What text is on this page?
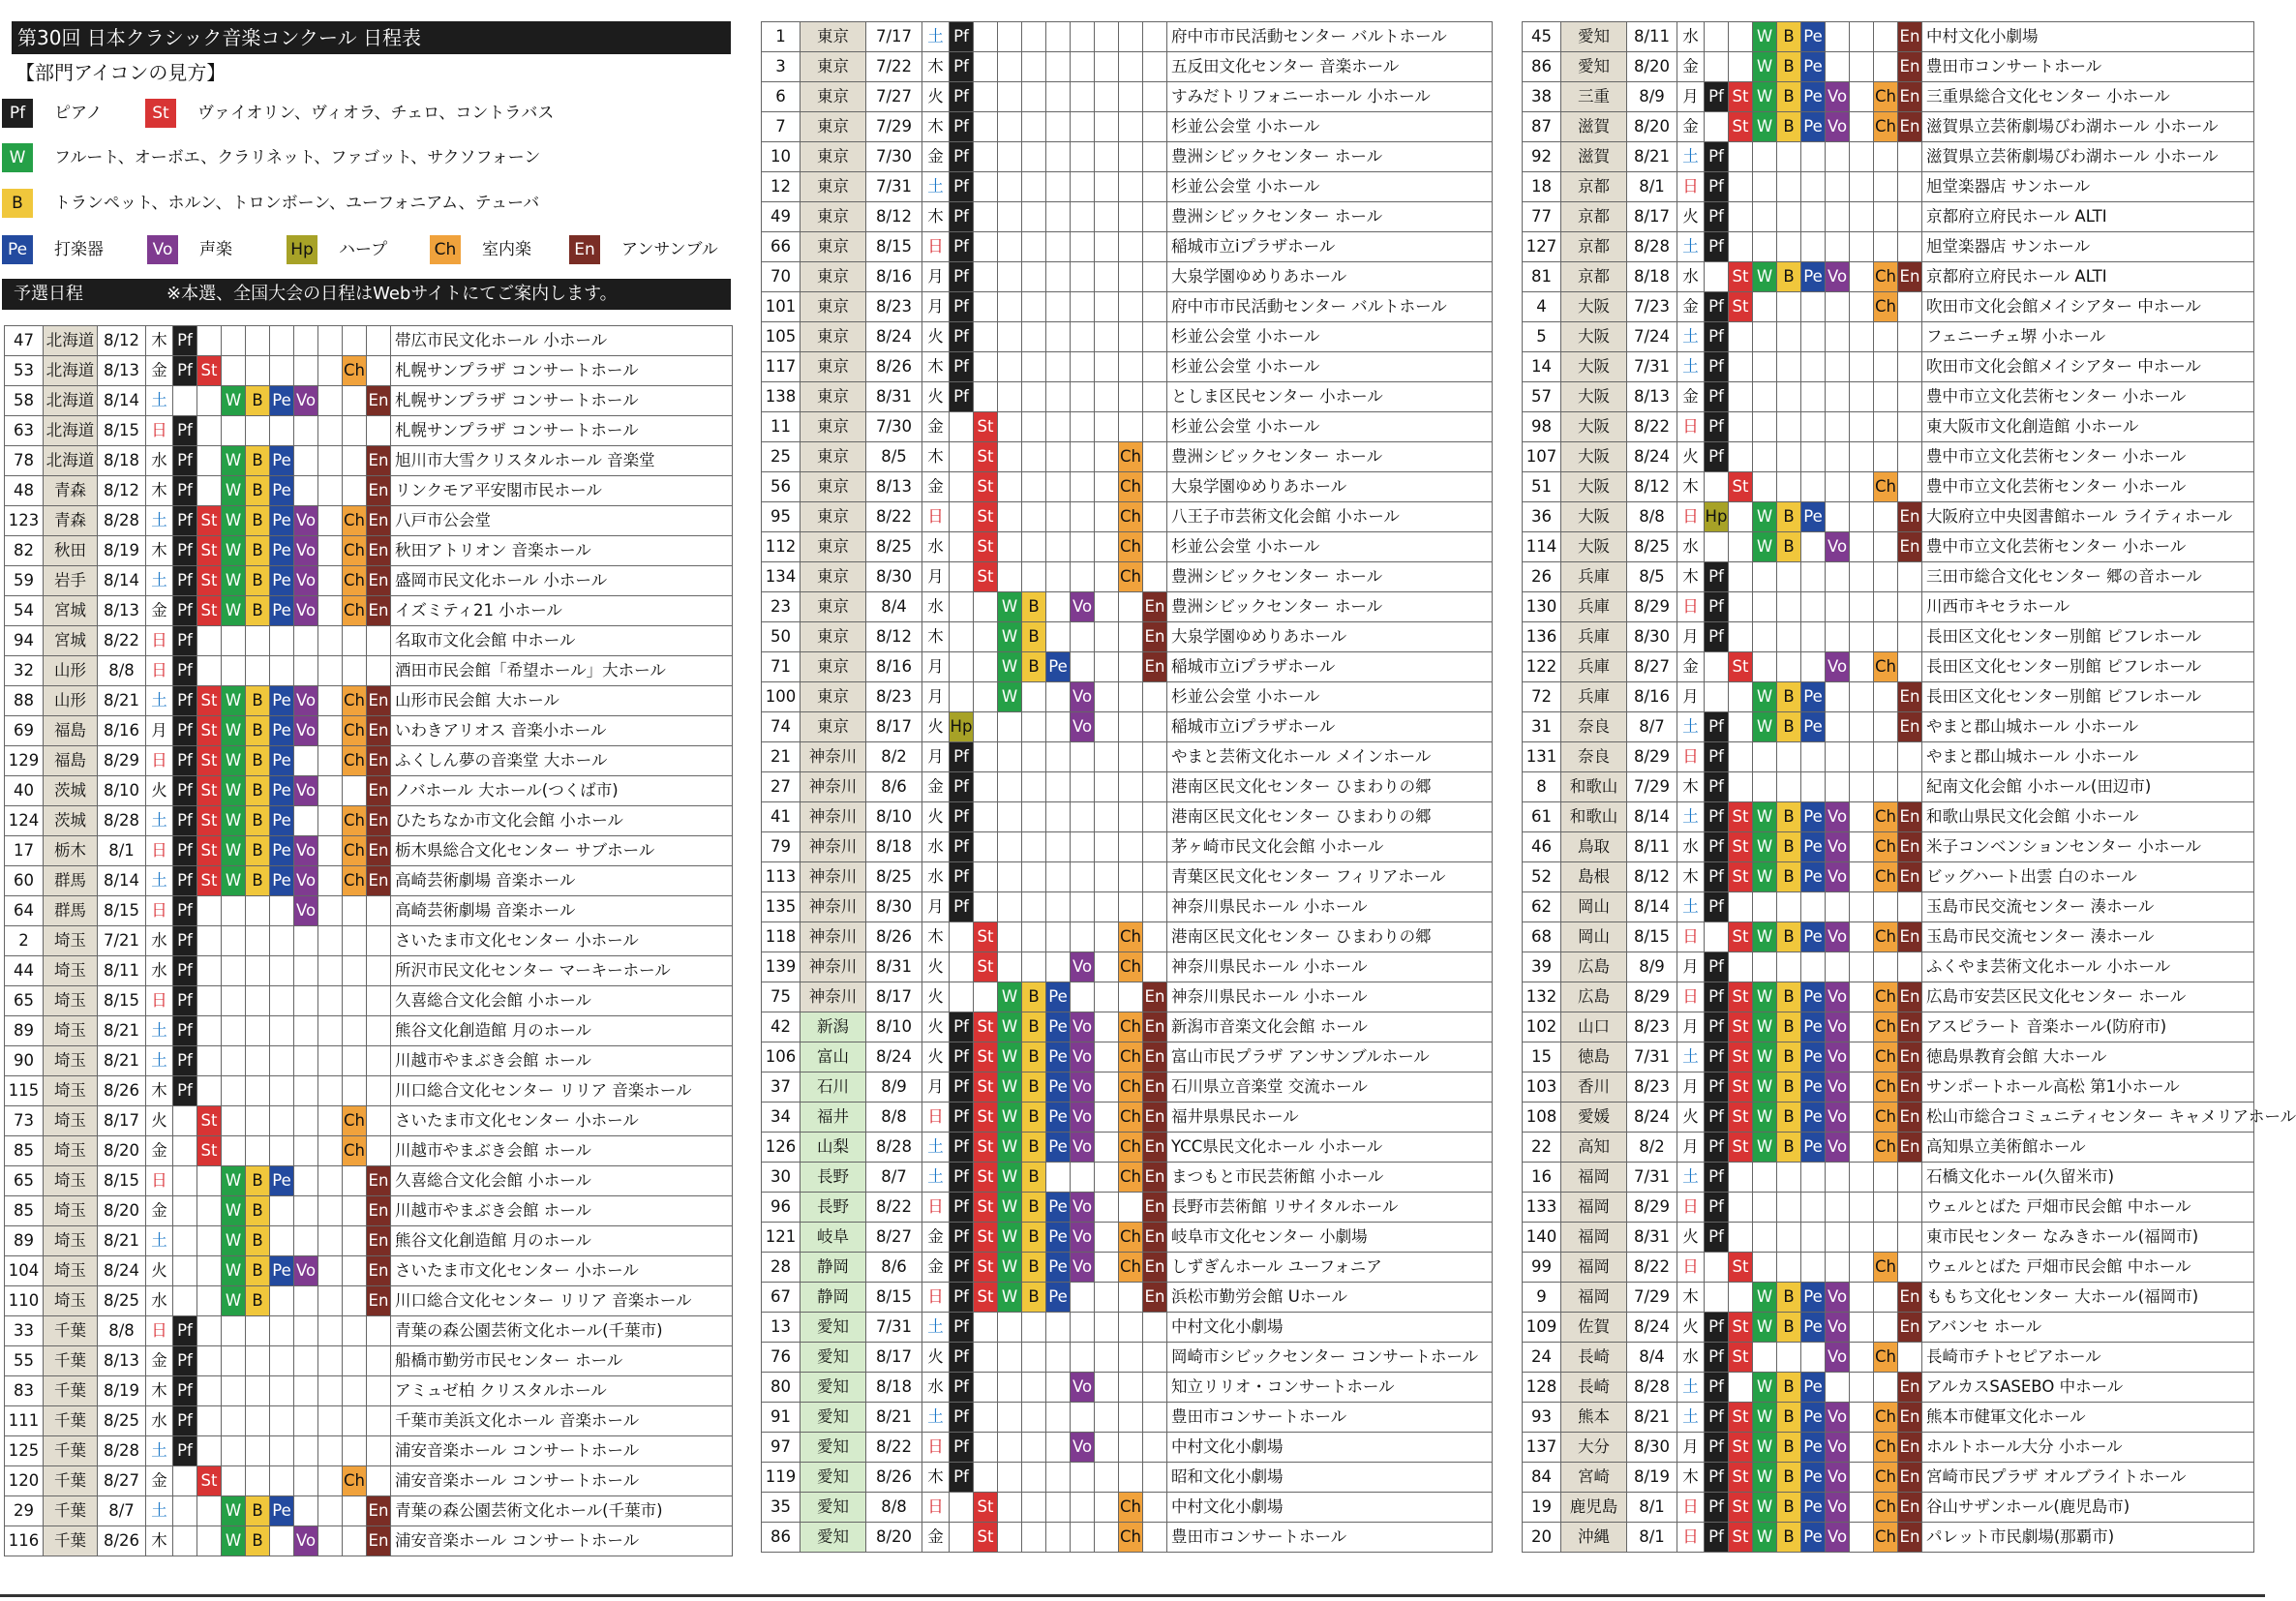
第30回 日本クラシック音楽コンクール 日程表
【部門アイコンの見方】
Pf	ピアノ	St	ヴァイオリン、ヴィオラ、チェロ、コントラバス
W	フルート、オーボエ、クラリネット、ファゴット、サクソフォーン
B	トランペット、ホルン、トロンボーン、ユーフォニアム、テューバ
Pe	打楽器	Vo	声楽	Hp ハープ	Ch 室内楽	En	アンサンブル
予選日程	※本選、全国大会の日程はWebサイトにてご案内します。
47	北海道	8/12	木	Pf									帯広市民文化ホール 小ホール
53	北海道	8/13	金	Pf	St						Ch		札幌サンプラザ コンサートホール
58	北海道	8/14	土			W	B	Pe	Vo			En	札幌サンプラザ コンサートホール
63	北海道	8/15	日	Pf									札幌サンプラザ コンサートホール
78	北海道	8/18	水	Pf		W	B	Pe				En	旭川市大雪クリスタルホール 音楽堂
48	青森	8/12	木	Pf		W	B	Pe				En	リンクモア平安閣市民ホール
123	青森	8/28	土	Pf	St	W	B	Pe	Vo		Ch	En	八戸市公会堂
82	秋田	8/19	木	Pf	St	W	B	Pe	Vo		Ch	En	秋田アトリオン 音楽ホール
59	岩手	8/14	土	Pf	St	W	B	Pe	Vo		Ch	En	盛岡市民文化ホール 小ホール
54	宮城	8/13	金	Pf	St	W	B	Pe	Vo		Ch	En	イズミティ21 小ホール
94	宮城	8/22	日	Pf									名取市文化会館 中ホール
32	山形	8/8	日	Pf									酒田市民会館「希望ホール」大ホール
88	山形	8/21	土	Pf	St	W	B	Pe	Vo		Ch	En	山形市民会館 大ホール
69	福島	8/16	月	Pf	St	W	B	Pe	Vo		Ch	En	いわきアリオス 音楽小ホール
129	福島	8/29	日	Pf	St	W	B	Pe			Ch	En	ふくしん夢の音楽堂 大ホール
40	茨城	8/10	火	Pf	St	W	B	Pe	Vo			En	ノバホール 大ホール(つくば市)
124	茨城	8/28	土	Pf	St	W	B	Pe			Ch	En	ひたちなか市文化会館 小ホール
17	栃木	8/1	日	Pf	St	W	B	Pe	Vo		Ch	En	栃木県総合文化センター サブホール
60	群馬	8/14	土	Pf	St	W	B	Pe	Vo		Ch	En	高崎芸術劇場 音楽ホール
64	群馬	8/15	日	Pf					Vo				高崎芸術劇場 音楽ホール
2	埼玉	7/21	水	Pf									さいたま市文化センター 小ホール
44	埼玉	8/11	水	Pf									所沢市民文化センター マーキーホール
65	埼玉	8/15	日	Pf									久喜総合文化会館 小ホール
89	埼玉	8/21	土	Pf									熊谷文化創造館 月のホール
90	埼玉	8/21	土	Pf									川越市やまぶき会館 ホール
115	埼玉	8/26	木	Pf									川口総合文化センター リリア 音楽ホール
73	埼玉	8/17	火		St						Ch		さいたま市文化センター 小ホール
85	埼玉	8/20	金		St						Ch		川越市やまぶき会館 ホール
65	埼玉	8/15	日			W	B	Pe				En	久喜総合文化会館 小ホール
85	埼玉	8/20	金			W	B					En	川越市やまぶき会館 ホール
89	埼玉	8/21	土			W	B					En	熊谷文化創造館 月のホール
104	埼玉	8/24	火			W	B	Pe	Vo			En	さいたま市文化センター 小ホール
110	埼玉	8/25	水			W	B					En	川口総合文化センター リリア 音楽ホール
33	千葉	8/8	日	Pf									青葉の森公園芸術文化ホール(千葉市)
55	千葉	8/13	金	Pf									船橋市勤労市民センター ホール
83	千葉	8/19	木	Pf									アミュゼ柏 クリスタルホール
111	千葉	8/25	水	Pf									千葉市美浜文化ホール 音楽ホール
125	千葉	8/28	土	Pf									浦安音楽ホール コンサートホール
120	千葉	8/27	金		St						Ch		浦安音楽ホール コンサートホール
29	千葉	8/7	土			W	B	Pe				En	青葉の森公園芸術文化ホール(千葉市)
116	千葉	8/26	木			W	B		Vo			En	浦安音楽ホール コンサートホール
1	東京	7/17	土	Pf									府中市市民活動センター バルトホール
3	東京	7/22	木	Pf									五反田文化センター 音楽ホール
6	東京	7/27	火	Pf									すみだトリフォニーホール 小ホール
7	東京	7/29	木	Pf									杉並公会堂 小ホール
10	東京	7/30	金	Pf									豊洲シビックセンター ホール
12	東京	7/31	土	Pf									杉並公会堂 小ホール
49	東京	8/12	木	Pf									豊洲シビックセンター ホール
66	東京	8/15	日	Pf									稲城市立iプラザホール
70	東京	8/16	月	Pf									大泉学園ゆめりあホール
101	東京	8/23	月	Pf									府中市市民活動センター バルトホール
105	東京	8/24	火	Pf									杉並公会堂 小ホール
117	東京	8/26	木	Pf									杉並公会堂 小ホール
138	東京	8/31	火	Pf									としま区民センター 小ホール
11	東京	7/30	金		St								杉並公会堂 小ホール
25	東京	8/5	木		St						Ch		豊洲シビックセンター ホール
56	東京	8/13	金		St						Ch		大泉学園ゆめりあホール
95	東京	8/22	日		St						Ch		八王子市芸術文化会館 小ホール
112	東京	8/25	水		St						Ch		杉並公会堂 小ホール
134	東京	8/30	月		St						Ch		豊洲シビックセンター ホール
23	東京	8/4	水			W	B		Vo			En	豊洲シビックセンター ホール
50	東京	8/12	木			W	B					En	大泉学園ゆめりあホール
71	東京	8/16	月			W	B	Pe				En	稲城市立iプラザホール
100	東京	8/23	月			W			Vo				杉並公会堂 小ホール
74	東京	8/17	火	Hp					Vo				稲城市立iプラザホール
21	神奈川	8/2	月	Pf									やまと芸術文化ホール メインホール
27	神奈川	8/6	金	Pf									港南区民文化センター ひまわりの郷
41	神奈川	8/10	火	Pf									港南区民文化センター ひまわりの郷
79	神奈川	8/18	水	Pf									茅ヶ崎市民文化会館 小ホール
113	神奈川	8/25	水	Pf									青葉区民文化センター フィリアホール
135	神奈川	8/30	月	Pf									神奈川県民ホール 小ホール
118	神奈川	8/26	木		St						Ch		港南区民文化センター ひまわりの郷
139	神奈川	8/31	火		St				Vo		Ch		神奈川県民ホール 小ホール
75	神奈川	8/17	火			W	B	Pe				En	神奈川県民ホール 小ホール
42	新潟	8/10	火	Pf	St	W	B	Pe	Vo		Ch	En	新潟市音楽文化会館 ホール
106	富山	8/24	火	Pf	St	W	B	Pe	Vo		Ch	En	富山市民プラザ アンサンブルホール
37	石川	8/9	月	Pf	St	W	B	Pe	Vo		Ch	En	石川県立音楽堂 交流ホール
34	福井	8/8	日	Pf	St	W	B	Pe	Vo		Ch	En	福井県県民ホール
126	山梨	8/28	土	Pf	St	W	B	Pe	Vo		Ch	En	YCC県民文化ホール 小ホール
30	長野	8/7	土	Pf	St	W	B				Ch	En	まつもと市民芸術館 小ホール
96	長野	8/22	日	Pf	St	W	B	Pe	Vo			En	長野市芸術館 リサイタルホール
121	岐阜	8/27	金	Pf	St	W	B	Pe	Vo		Ch	En	岐阜市文化センター 小劇場
28	静岡	8/6	金	Pf	St	W	B	Pe	Vo		Ch	En	しずぎんホール ユーフォニア
67	静岡	8/15	日	Pf	St	W	B	Pe				En	浜松市勤労会館 Uホール
13	愛知	7/31	土	Pf									中村文化小劇場
76	愛知	8/17	火	Pf									岡崎市シビックセンター コンサートホール
80	愛知	8/18	水	Pf					Vo				知立リリオ・コンサートホール
91	愛知	8/21	土	Pf									豊田市コンサートホール
97	愛知	8/22	日	Pf					Vo				中村文化小劇場
119	愛知	8/26	木	Pf									昭和文化小劇場
35	愛知	8/8	日		St						Ch		中村文化小劇場
86	愛知	8/20	金		St						Ch		豊田市コンサートホール
45	愛知	8/11	水			W	B	Pe				En	中村文化小劇場
86	愛知	8/20	金			W	B	Pe				En	豊田市コンサートホール
38	三重	8/9	月	Pf	St	W	B	Pe	Vo		Ch	En	三重県総合文化センター 小ホール
87	滋賀	8/20	金		St	W	B	Pe	Vo		Ch	En	滋賀県立芸術劇場びわ湖ホール 小ホール
92	滋賀	8/21	土	Pf									滋賀県立芸術劇場びわ湖ホール 小ホール
18	京都	8/1	日	Pf									旭堂楽器店 サンホール
77	京都	8/17	火	Pf									京都府立府民ホール ALTI
127	京都	8/28	土	Pf									旭堂楽器店 サンホール
81	京都	8/18	水		St	W	B	Pe	Vo		Ch	En	京都府立府民ホール ALTI
4	大阪	7/23	金	Pf	St						Ch		吹田市文化会館メイシアター 中ホール
5	大阪	7/24	土	Pf									フェニーチェ堺 小ホール
14	大阪	7/31	土	Pf									吹田市文化会館メイシアター 中ホール
57	大阪	8/13	金	Pf									豊中市立文化芸術センター 小ホール
98	大阪	8/22	日	Pf									東大阪市文化創造館 小ホール
107	大阪	8/24	火	Pf									豊中市立文化芸術センター 小ホール
51	大阪	8/12	木		St						Ch		豊中市立文化芸術センター 小ホール
36	大阪	8/8	日	Hp		W	B	Pe				En	大阪府立中央図書館ホール ライティホール
114	大阪	8/25	水			W	B		Vo			En	豊中市立文化芸術センター 小ホール
26	兵庫	8/5	木	Pf									三田市総合文化センター 郷の音ホール
130	兵庫	8/29	日	Pf									川西市キセラホール
136	兵庫	8/30	月	Pf									長田区文化センター別館 ピフレホール
122	兵庫	8/27	金		St				Vo		Ch		長田区文化センター別館 ピフレホール
72	兵庫	8/16	月			W	B	Pe				En	長田区文化センター別館 ピフレホール
31	奈良	8/7	土	Pf		W	B	Pe				En	やまと郡山城ホール 小ホール
131	奈良	8/29	日	Pf									やまと郡山城ホール 小ホール
8	和歌山	7/29	木	Pf									紀南文化会館 小ホール(田辺市)
61	和歌山	8/14	土	Pf	St	W	B	Pe	Vo		Ch	En	和歌山県民文化会館 小ホール
46	鳥取	8/11	水	Pf	St	W	B	Pe	Vo		Ch	En	米子コンベンションセンター 小ホール
52	島根	8/12	木	Pf	St	W	B	Pe	Vo		Ch	En	ビッグハート出雲 白のホール
62	岡山	8/14	土	Pf									玉島市民交流センター 湊ホール
68	岡山	8/15	日		St	W	B	Pe	Vo		Ch	En	玉島市民交流センター 湊ホール
39	広島	8/9	月	Pf									ふくやま芸術文化ホール 小ホール
132	広島	8/29	日	Pf	St	W	B	Pe	Vo		Ch	En	広島市安芸区民文化センター ホール
102	山口	8/23	月	Pf	St	W	B	Pe	Vo		Ch	En	アスピラート 音楽ホール(防府市)
15	徳島	7/31	土	Pf	St	W	B	Pe	Vo		Ch	En	徳島県教育会館 大ホール
103	香川	8/23	月	Pf	St	W	B	Pe	Vo		Ch	En	サンポートホール高松 第1小ホール
108	愛媛	8/24	火	Pf	St	W	B	Pe	Vo		Ch	En	松山市総合コミュニティセンター キャメリアホール
22	高知	8/2	月	Pf	St	W	B	Pe	Vo		Ch	En	高知県立美術館ホール
16	福岡	7/31	土	Pf									石橋文化ホール(久留米市)
133	福岡	8/29	日	Pf									ウェルとばた 戸畑市民会館 中ホール
140	福岡	8/31	火	Pf									東市民センター なみきホール(福岡市)
99	福岡	8/22	日		St						Ch		ウェルとばた 戸畑市民会館 中ホール
9	福岡	7/29	木			W	B	Pe	Vo			En	ももち文化センター 大ホール(福岡市)
109	佐賀	8/24	火	Pf	St	W	B	Pe	Vo			En	アバンセ ホール
24	長崎	8/4	水	Pf	St				Vo		Ch		長崎市チトセピアホール
128	長崎	8/28	土	Pf		W	B	Pe				En	アルカスSASEBO 中ホール
93	熊本	8/21	土	Pf	St	W	B	Pe	Vo		Ch	En	熊本市健軍文化ホール
137	大分	8/30	月	Pf	St	W	B	Pe	Vo		Ch	En	ホルトホール大分 小ホール
84	宮崎	8/19	木	Pf	St	W	B	Pe	Vo		Ch	En	宮崎市民プラザ オルブライトホール
19	鹿児島	8/1	日	Pf	St	W	B	Pe	Vo		Ch	En	谷山サザンホール(鹿児島市)
20	沖縄	8/1	日	Pf	St	W	B	Pe	Vo		Ch	En	パレット市民劇場(那覇市)
